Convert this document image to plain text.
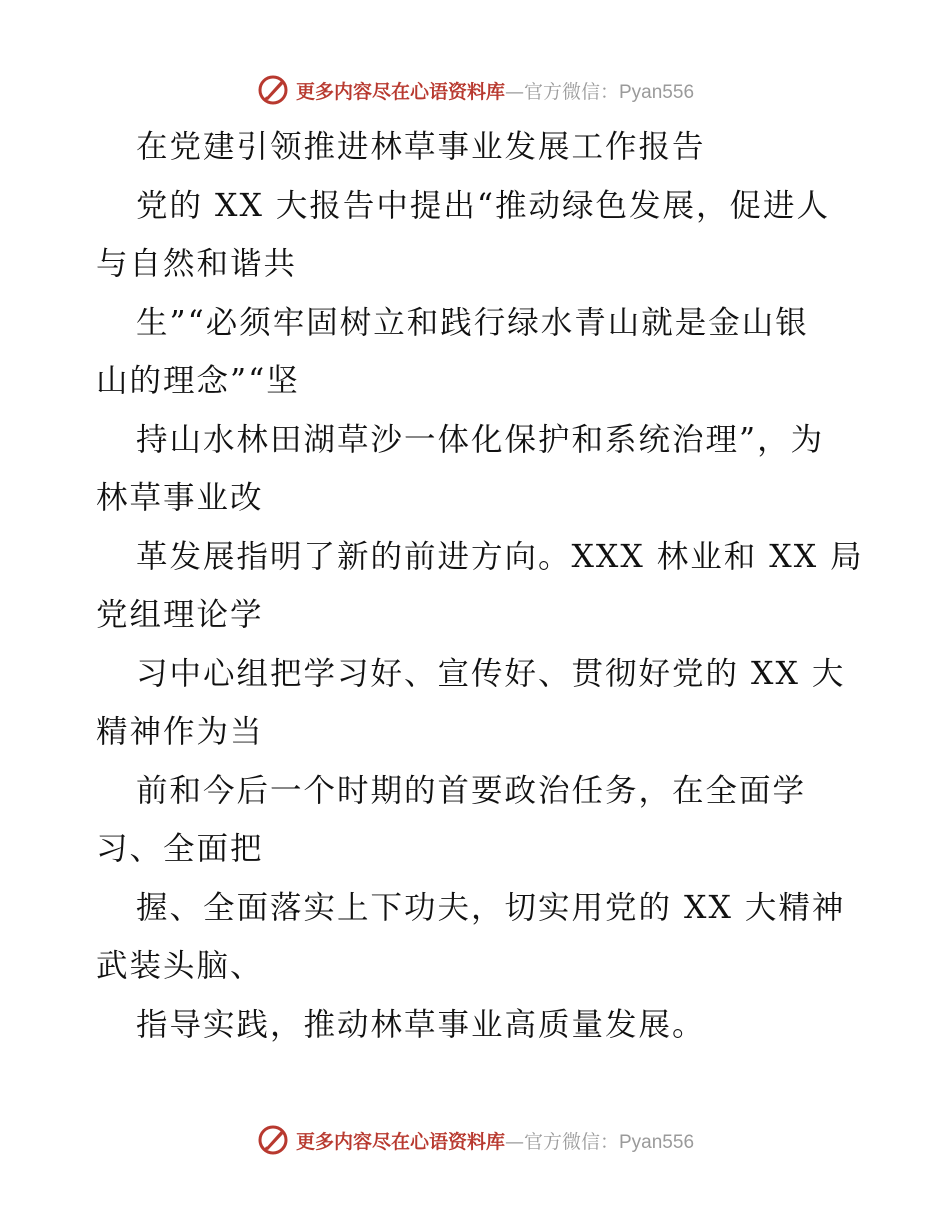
更多内容尽在心语资料库—官方微信：Pyan556
在党建引领推进林草事业发展工作报告
党的 XX 大报告中提出“推动绿色发展，促进人
与自然和谐共
生”“必须牢固树立和践行绿水青山就是金山银
山的理念”“坚
持山水林田湖草沙一体化保护和系统治理”，为
林草事业改
革发展指明了新的前进方向。XXX 林业和 XX 局
党组理论学
习中心组把学习好、宣传好、贯彻好党的 XX 大
精神作为当
前和今后一个时期的首要政治任务，在全面学
习、全面把
握、全面落实上下功夫，切实用党的 XX 大精神
武装头脑、
指导实践，推动林草事业高质量发展。
更多内容尽在心语资料库—官方微信：Pyan556
